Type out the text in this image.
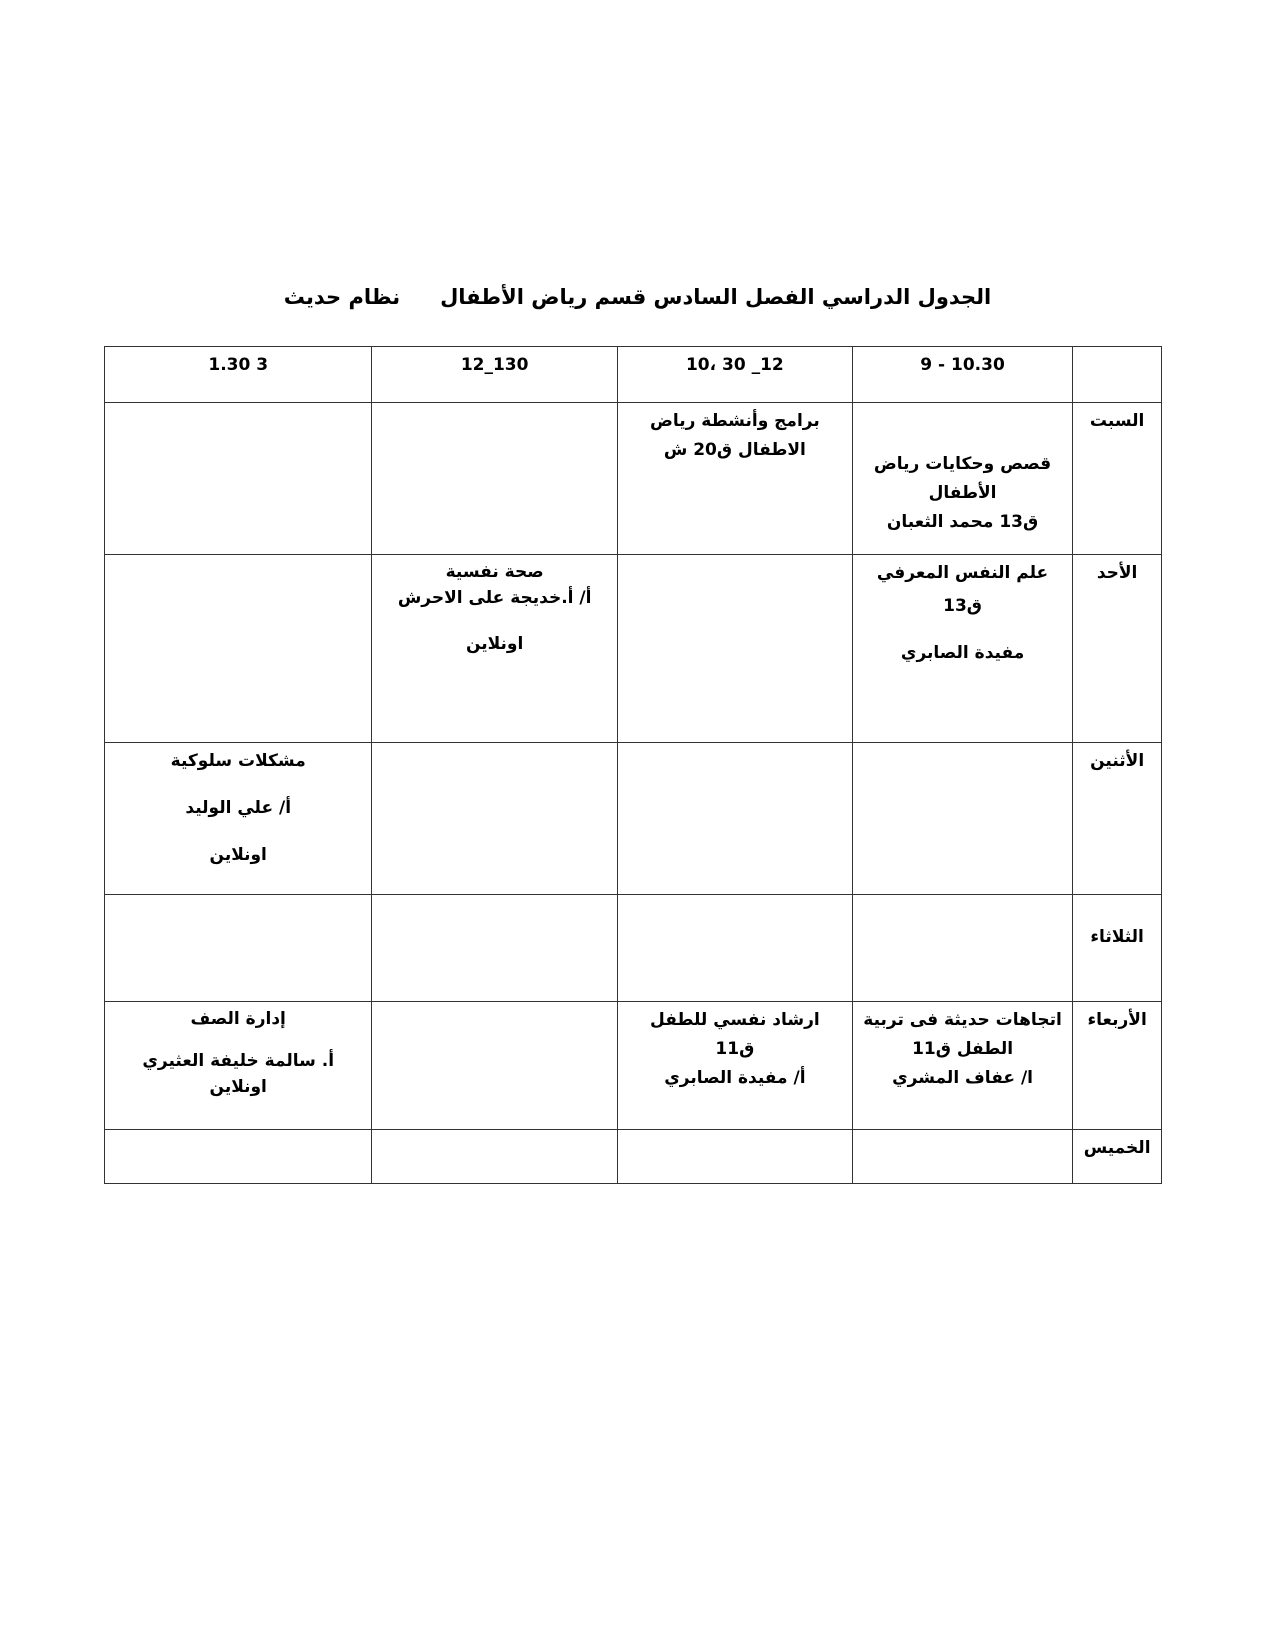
الجدول الدراسي الفصل السادس قسم رياض الأطفالنظام حديث
	9 - 10.30	10، 30 _12	12_130	1.30 3
السبت	قصص وحكايات رياض
الأطفال
ق13 محمد الثعبان	برامج وأنشطة رياض
الاطفال ق20 ش		

الأحد	علم النفس المعرفي
ق13
مفيدة الصابري		صحة نفسية
أ/ أ.خديجة على الاحرش
اونلاين	

الأثنين				مشكلات سلوكية
أ/ علي الوليد
اونلاين

الثلاثاء				
الأربعاء	اتجاهات حديثة فى تربية
الطفل ق11
ا/ عفاف المشري	ارشاد نفسي للطفل
ق11
أ/ مفيدة الصابري		إدارة الصف
أ. سالمة خليفة العثيري
اونلاين

الخميس				
